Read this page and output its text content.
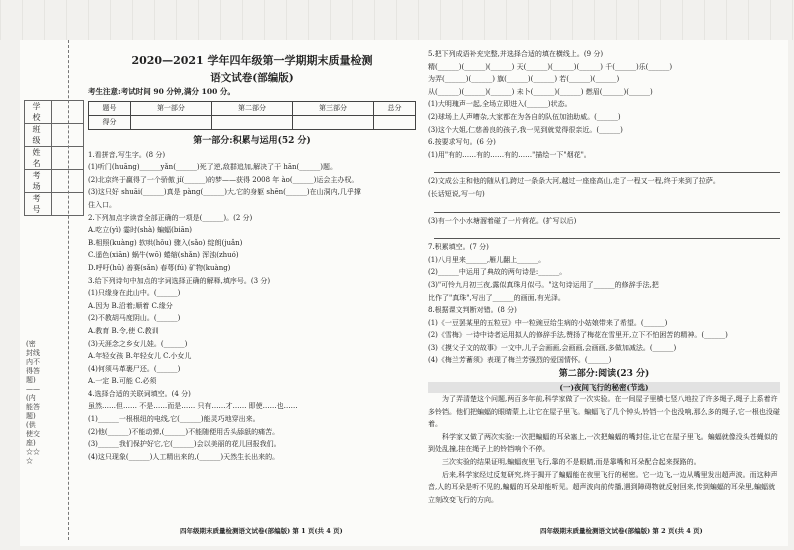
学 校	
班 级	
姓 名	
考 场	
考 号	
(密封线内不得答题)——(内能答题)(供使交座)☆☆☆
2020—2021 学年四年级第一学期期末质量检测
语文试卷(部编版)
考生注意:考试时间 90 分钟,满分 100 分。
题号	第一部分	第二部分	第三部分	总分
得分				
第一部分:积累与运用(52 分)
1.看拼音,写生字。(8 分)
(1)听门(huāng)______yǎn(______)死了逆,敌群追加,解决了干 hān(______)题。
(2)北京终于赢得了一个骄傲 jí(______)的梦——获得 2008 年 ào(______)运会主办权。
(3)这只好 shuāi(______)真是 pàng(______)大,它的身躯 shēn(______)在山洞内,几乎撑
住入口。
2.下列加点字读音全部正确的一项是(______)。(2 分)
A.吃立(yì) 霎时(shà) 蝙蝠(biān)
B.相照(kuàng) 软哄(hǒu) 骤入(sǎo) 绽朗(juǎn)
C.遥色(xiān) 蜗牛(wō) 蜷缩(shǎn) 浑浊(zhuó)
D.呼吁(hū) 善赛(sǎn) 春萼(fú) 矿物(kuàng)
3.给下列诗句中加点的字词选择正确的解释,填序号。(3 分)
(1)只缘身在此山中。(______)
A.因为 B.沿着;顺着 C.缘分
(2)不教胡马度阴山。(______)
A.教育 B.令,使 C.教训
(3)天涯念之乡女儿娃。(______)
A.年轻女孩 B.年轻女儿 C.小女儿
(4)何须马革裹尸还。(______)
A.一定 B.可能 C.必须
4.选择合适的关联词填空。(4 分)
虽然……但…… 不是……而是…… 只有……才…… 即使……也……
(1)______一根根纽的电线,它(______)能灵巧地穿出来。
(2)他(______)不能动弹,(______)不能随便用舌头舔舐的痛苦。
(3)______我们保护好它,它(______)会以美丽的花儿回报我们。
(4)这只现象(______)人工精出来的,(______)天然生长出来的。
5.把下列成语补充完整,并选择合适的填在横线上。(9 分)
精(______)(______)(______) 天(______)(______)(______) 千(______)乐(______)
为弄(______)(______) 旗(______)(______) 若(______)(______)
从(______)(______)(______) 未卜(______)(______) 燃眉(______)(______)
(1)大明瑰声一起,全场立即进入(______)状态。
(2)球场上人声嘈杂,大家都在为各自的队伍加油助威。(______)
(3)这个大姐,仁慈善良的孩子,我一见到就觉得很亲近。(______)
6.按要求写句。(6 分)
(1)用"有的……有的……有的……"描绘一下"烟花"。
(2)文成公主和他的随从们,跨过一条条大河,越过一座座高山,走了一程又一程,终于来到了拉萨。
(长话短说,写一句)
(3)有一个小水塘溜着碰了一片荷花。(扩写以后)
7.积累填空。(7 分)
(1)八月里来______,雁儿翻上______。
(2)______中运用了典故的两句诗是:______。
(3)"可怜九月初三夜,露似真珠月似弓。"这句诗运用了______的修辞手法,把
比作了"真珠",写出了______的画面,有光泽。
8.根据课文判断对错。(8 分)
(1)《一豆罢某里的五粒豆》中一粒豌豆给生病的小姑娘带来了希望。(______)
(2)《雪梅》一诗中诗者运用拟人的修辞手法,赞扬了梅花在雪里开,立下不怕困苦的精神。(______)
(3)《摸父子文的故事》一文中,儿子会画画,会画画,会画画,多做加减法。(______)
(4)《梅兰芳蓄须》表现了梅兰芳强烈的爱国情怀。(______)
第二部分:阅读(23 分)
(一)夜间飞行的秘密(节选)
为了弄清楚这个问题,两百多年前,科学家做了一次实验。在一间屋子里横七竖八地拉了许多绳子,绳子上系着许多铃铛。他们把蝙蝠的眼睛蒙上,让它在屋子里飞。蝙蝠飞了几个钟头,铃铛一个也没响,那么多的绳子,它一根也没碰着。
科学家又做了两次实验:一次把蝙蝠的耳朵塞上,一次把蝙蝠的嘴封住,让它在屋子里飞。蝙蝠就像没头苍蝇似的到处乱撞,挂在绳子上的铃铛响个不停。
三次实验的结果证明,蝙蝠夜里飞行,靠的不是眼睛,而是靠嘴和耳朵配合起来探路的。
后来,科学家经过反复研究,终于揭开了蝙蝠能在夜里飞行的秘密。它一边飞,一边从嘴里发出超声波。而这种声音,人的耳朵是听不见的,蝙蝠的耳朵却能听见。超声波向前传播,遇到障碍物就反射回来,传到蝙蝠的耳朵里,蝙蝠就立刻改变飞行的方向。
四年级期末质量检测语文试卷(部编版) 第 1 页(共 4 页)	四年级期末质量检测语文试卷(部编版) 第 2 页(共 4 页)
